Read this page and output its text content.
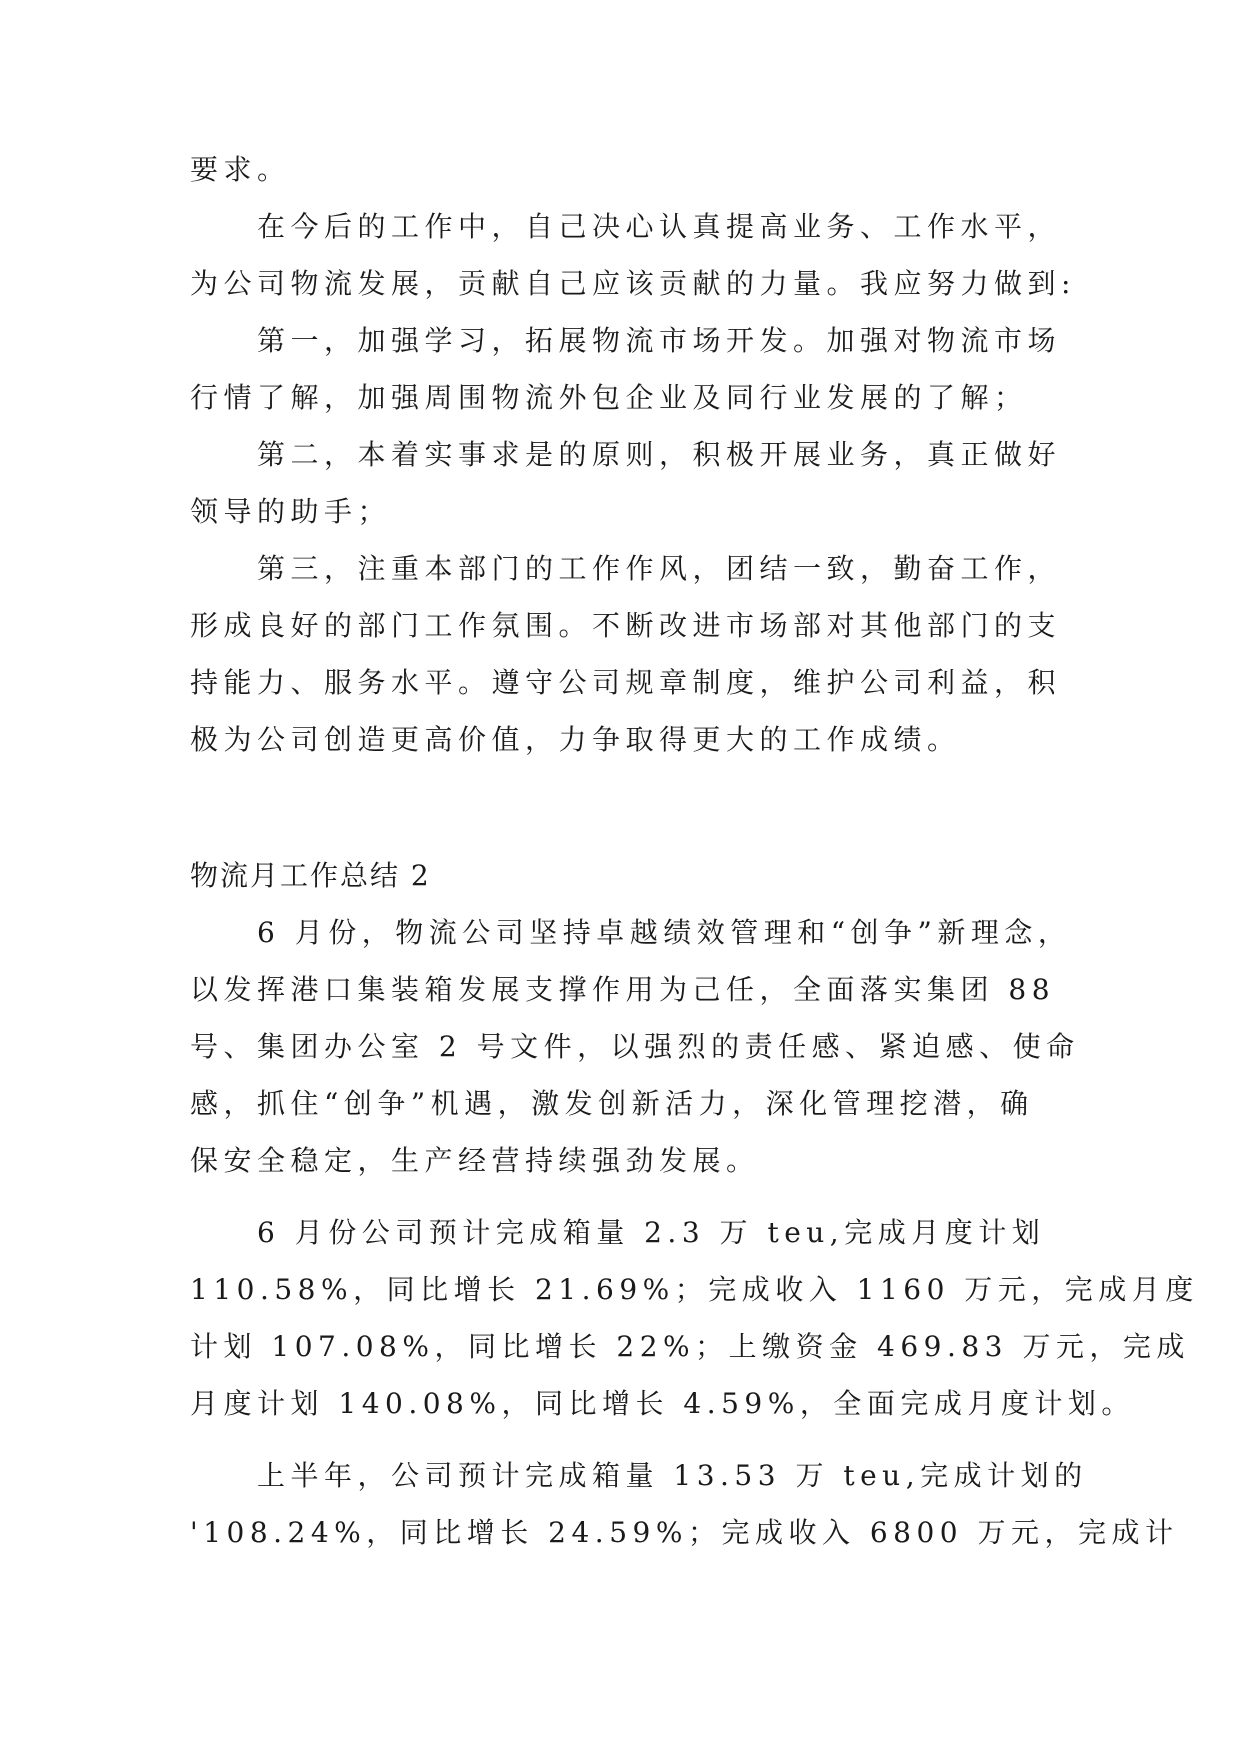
要求。
　　在今后的工作中，自己决心认真提高业务、工作水平，
为公司物流发展，贡献自己应该贡献的力量。我应努力做到:
　　第一，加强学习，拓展物流市场开发。加强对物流市场
行情了解，加强周围物流外包企业及同行业发展的了解；
　　第二，本着实事求是的原则，积极开展业务，真正做好
领导的助手；
　　第三，注重本部门的工作作风，团结一致，勤奋工作，
形成良好的部门工作氛围。不断改进市场部对其他部门的支
持能力、服务水平。遵守公司规章制度，维护公司利益，积
极为公司创造更高价值，力争取得更大的工作成绩。
物流月工作总结 2
　　6 月份，物流公司坚持卓越绩效管理和“创争”新理念，
以发挥港口集装箱发展支撑作用为己任，全面落实集团 88
号、集团办公室 2 号文件，以强烈的责任感、紧迫感、使命
感，抓住“创争”机遇，激发创新活力，深化管理挖潜，确
保安全稳定，生产经营持续强劲发展。
　　6 月份公司预计完成箱量 2.3 万 teu,完成月度计划
110.58%，同比增长 21.69%；完成收入 1160 万元，完成月度
计划 107.08%，同比增长 22%；上缴资金 469.83 万元，完成
月度计划 140.08%，同比增长 4.59%，全面完成月度计划。
　　上半年，公司预计完成箱量 13.53 万 teu,完成计划的
'108.24%，同比增长 24.59%；完成收入 6800 万元，完成计
